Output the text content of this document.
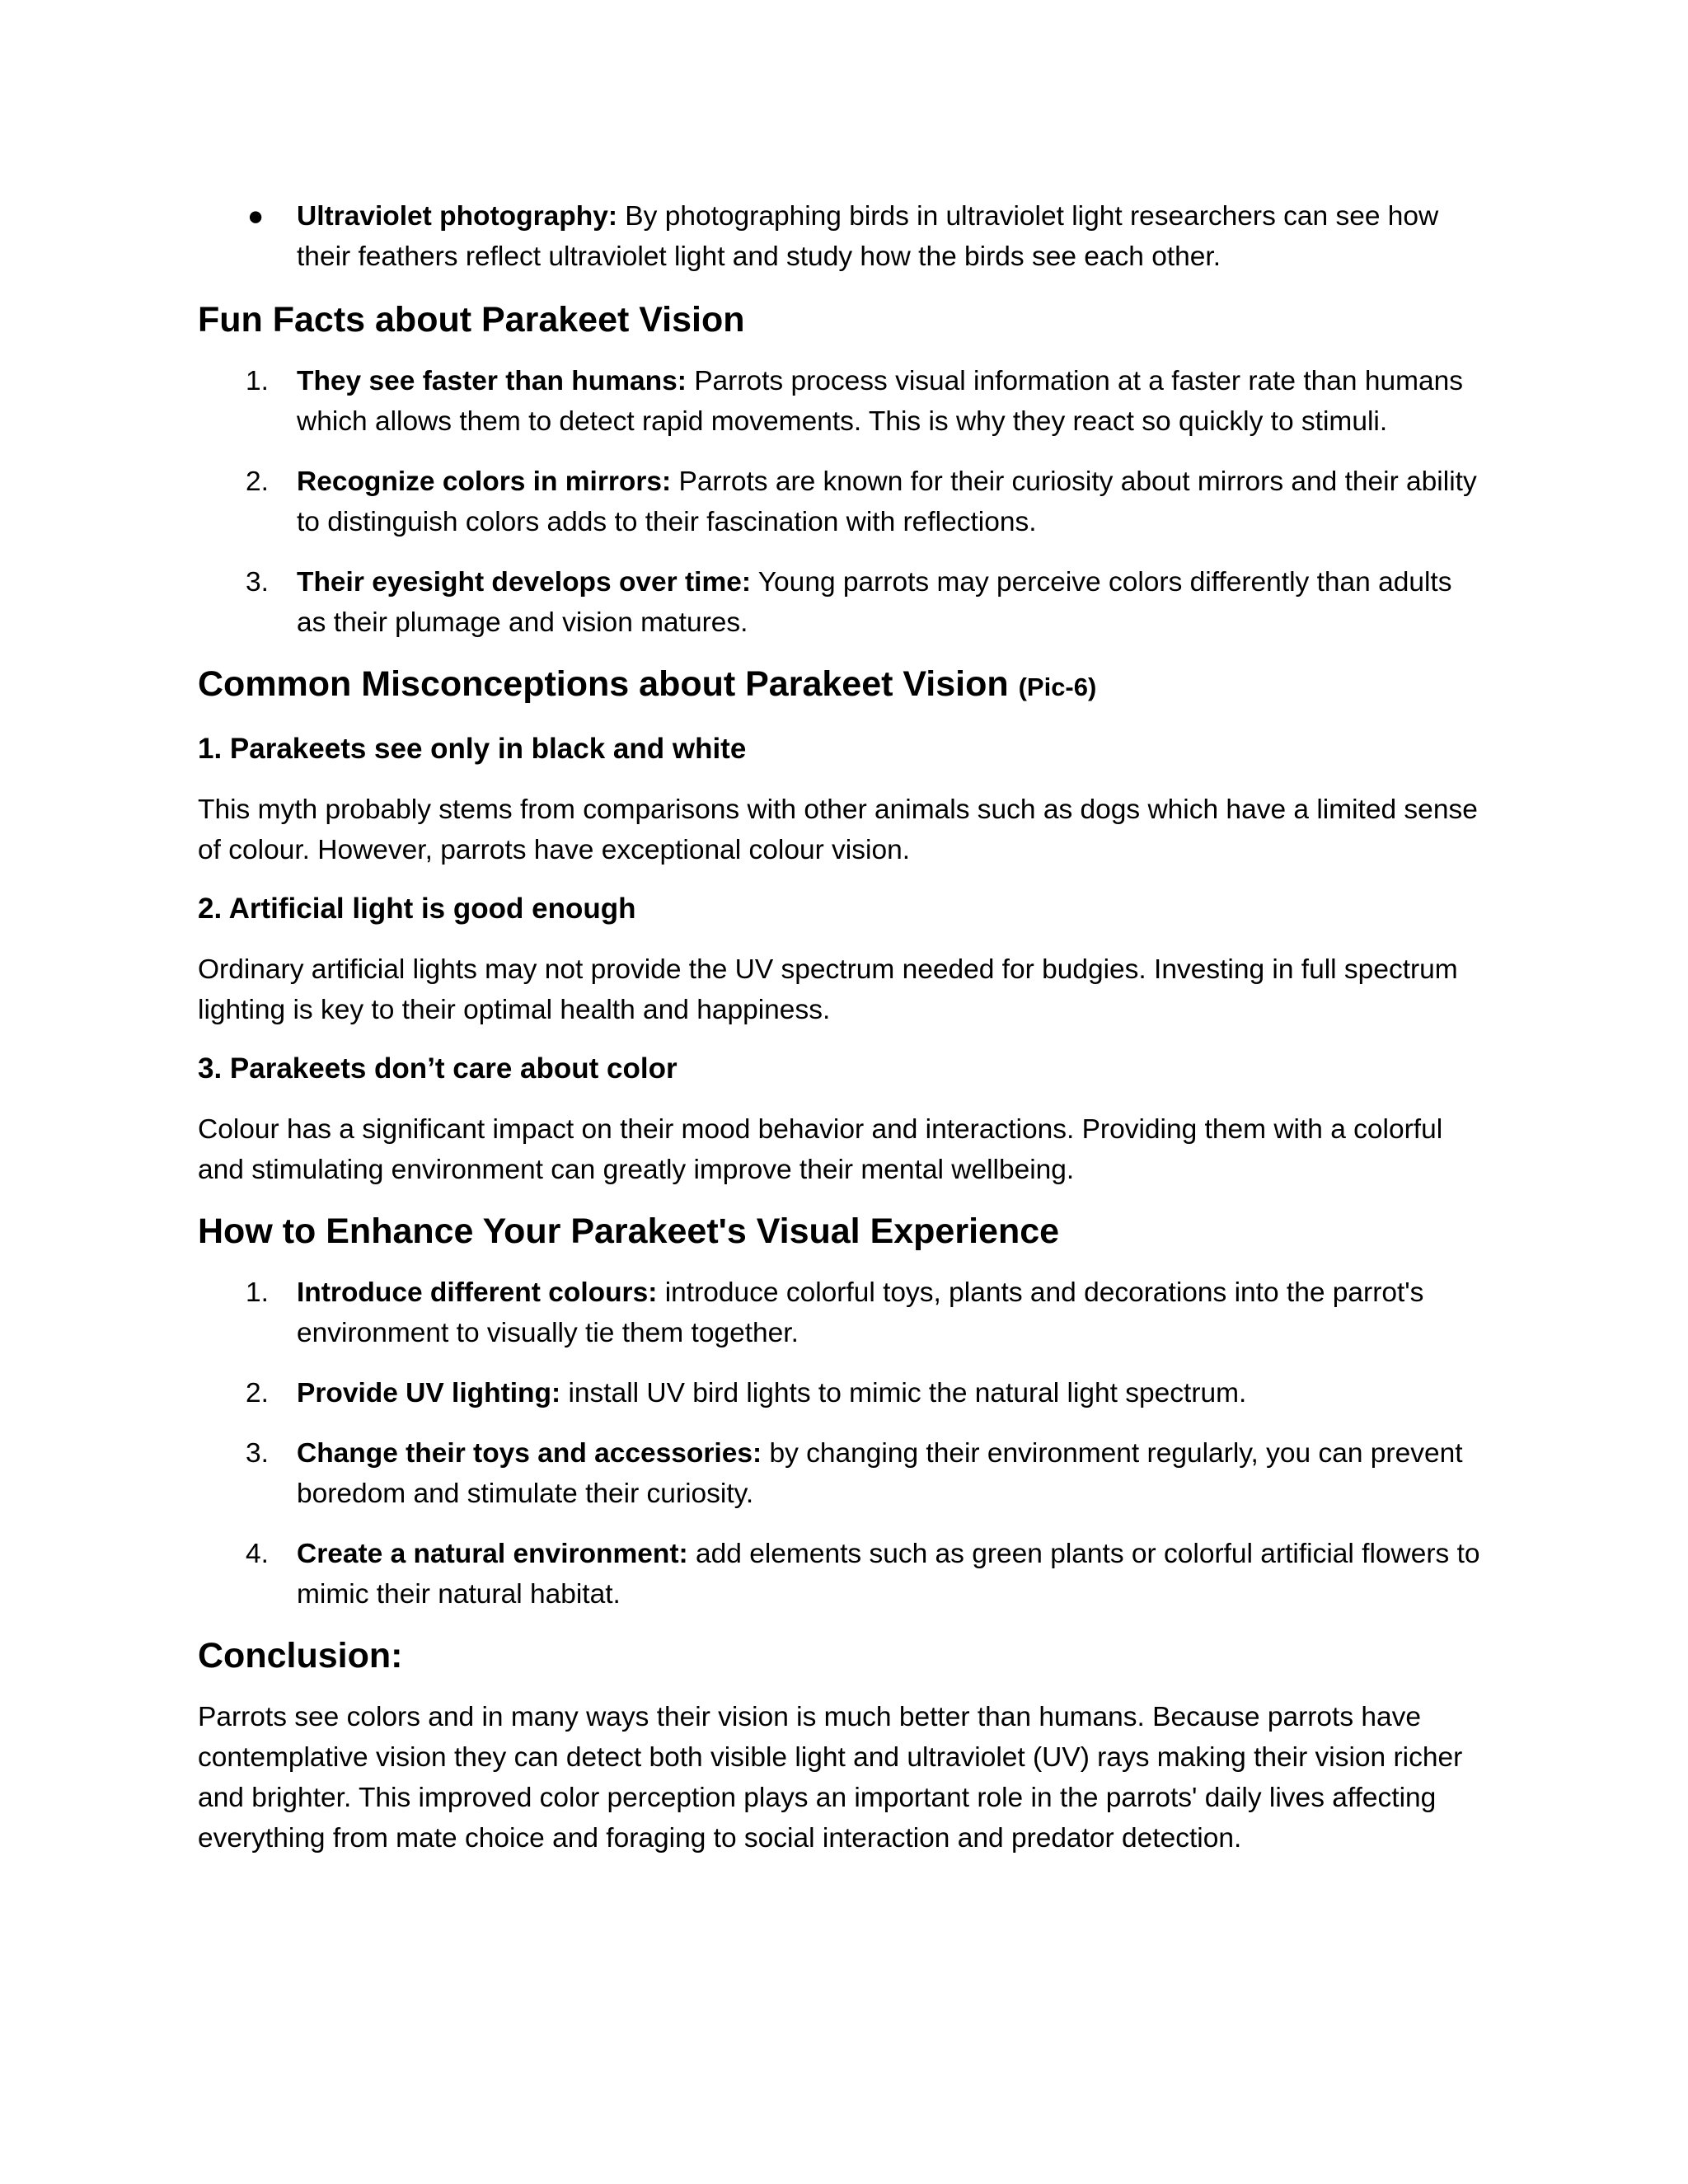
● Ultraviolet photography: By photographing birds in ultraviolet light researchers can see how their feathers reflect ultraviolet light and study how the birds see each other.

Fun Facts about Parakeet Vision
1. They see faster than humans: Parrots process visual information at a faster rate than humans which allows them to detect rapid movements. This is why they react so quickly to stimuli.

2. Recognize colors in mirrors: Parrots are known for their curiosity about mirrors and their ability to distinguish colors adds to their fascination with reflections.

3. Their eyesight develops over time: Young parrots may perceive colors differently than adults as their plumage and vision matures.

Common Misconceptions about Parakeet Vision (Pic-6)
1. Parakeets see only in black and white

This myth probably stems from comparisons with other animals such as dogs which have a limited sense of colour. However, parrots have exceptional colour vision.

2. Artificial light is good enough

Ordinary artificial lights may not provide the UV spectrum needed for budgies. Investing in full spectrum lighting is key to their optimal health and happiness.

3. Parakeets don’t care about color

Colour has a significant impact on their mood behavior and interactions. Providing them with a colorful and stimulating environment can greatly improve their mental wellbeing.

How to Enhance Your Parakeet's Visual Experience
1. Introduce different colours: introduce colorful toys, plants and decorations into the parrot's environment to visually tie them together.

2. Provide UV lighting: install UV bird lights to mimic the natural light spectrum.

3. Change their toys and accessories: by changing their environment regularly, you can prevent boredom and stimulate their curiosity.

4. Create a natural environment: add elements such as green plants or colorful artificial flowers to mimic their natural habitat.

Conclusion:

Parrots see colors and in many ways their vision is much better than humans. Because parrots have contemplative vision they can detect both visible light and ultraviolet (UV) rays making their vision richer and brighter. This improved color perception plays an important role in the parrots' daily lives affecting everything from mate choice and foraging to social interaction and predator detection.
